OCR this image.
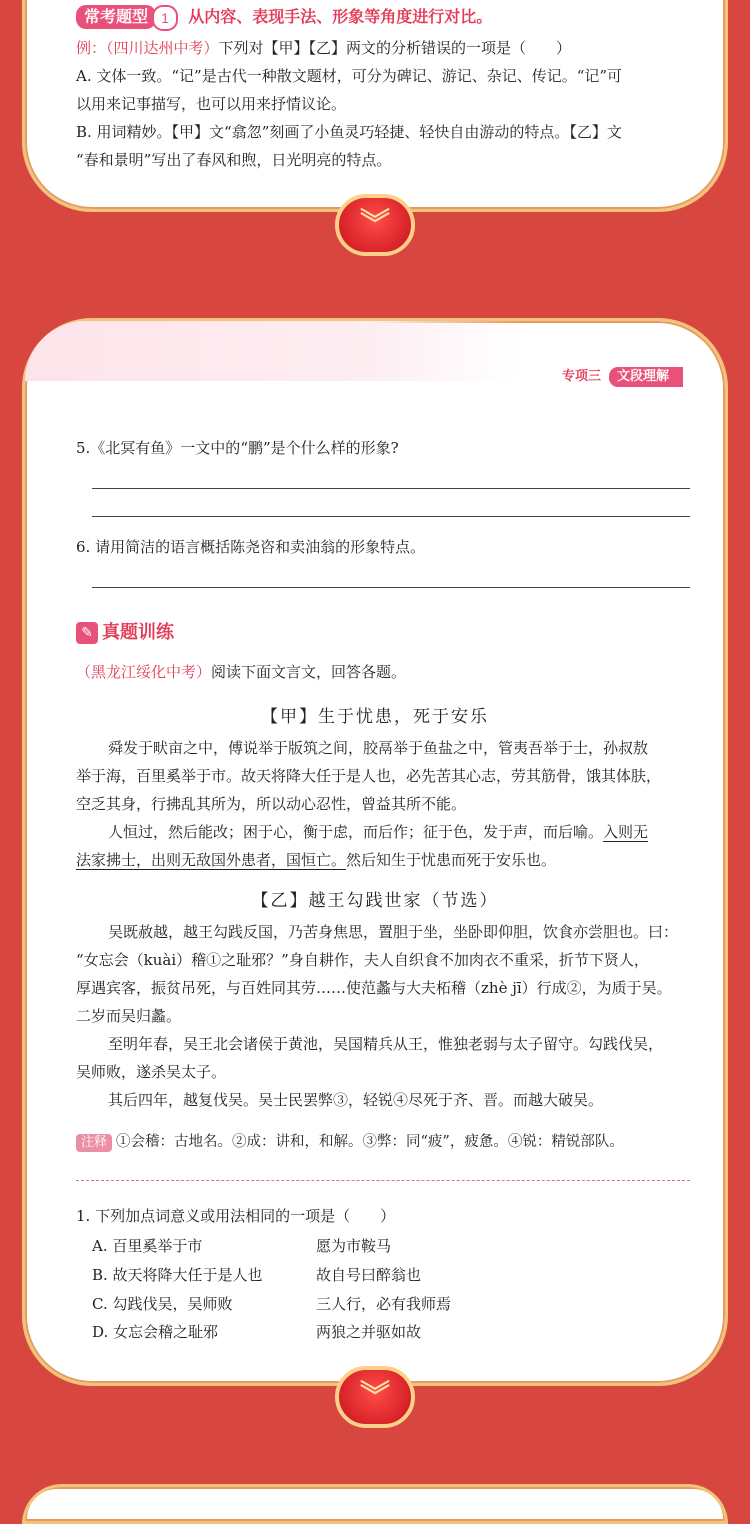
常考题型 1 从内容、表现手法、形象等角度进行对比。
例：（四川达州中考）下列对【甲】【乙】两文的分析错误的一项是（　　）
A. 文体一致。“记”是古代一种散文题材，可分为碑记、游记、杂记、传记。“记”可
以用来记事描写，也可以用来抒情议论。
B. 用词精妙。【甲】文“翕忽”刻画了小鱼灵巧轻捷、轻快自由游动的特点。【乙】文
“春和景明”写出了春风和煦，日光明亮的特点。
︾
专项三 文段理解
5.《北冥有鱼》一文中的“鹏”是个什么样的形象?
6. 请用简洁的语言概括陈尧咨和卖油翁的形象特点。
✎ 真题训练
（黑龙江绥化中考）阅读下面文言文，回答各题。
【甲】生于忧患，死于安乐
舜发于畎亩之中，傅说举于版筑之间，胶鬲举于鱼盐之中，管夷吾举于士，孙叔敖
举于海，百里奚举于市。故天将降大任于是人也，必先苦其心志，劳其筋骨，饿其体肤，
空乏其身，行拂乱其所为，所以动心忍性，曾益其所不能。
人恒过，然后能改；困于心，衡于虑，而后作；征于色，发于声，而后喻。入则无
法家拂士，出则无敌国外患者，国恒亡。然后知生于忧患而死于安乐也。
【乙】越王勾践世家（节选）
吴既赦越，越王勾践反国，乃苦身焦思，置胆于坐，坐卧即仰胆，饮食亦尝胆也。曰：
“女忘会（kuài）稽①之耻邪？”身自耕作，夫人自织食不加肉衣不重采，折节下贤人，
厚遇宾客，振贫吊死，与百姓同其劳……使范蠡与大夫柘稽（zhè jī）行成②，为质于吴。
二岁而吴归蠡。
至明年春，吴王北会诸侯于黄池，吴国精兵从王，惟独老弱与太子留守。勾践伐吴，
吴师败，遂杀吴太子。
其后四年，越复伐吴。吴士民罢弊③，轻锐④尽死于齐、晋。而越大破吴。
注释 ①会稽：古地名。②成：讲和，和解。③弊：同“疲”，疲惫。④锐：精锐部队。
1. 下列加点词意义或用法相同的一项是（　　）
A. 百里奚举于市	愿为市鞍马
B. 故天将降大任于是人也	故自号曰醉翁也
C. 勾践伐吴，吴师败	三人行，必有我师焉
D. 女忘会稽之耻邪	两狼之并驱如故
︾
